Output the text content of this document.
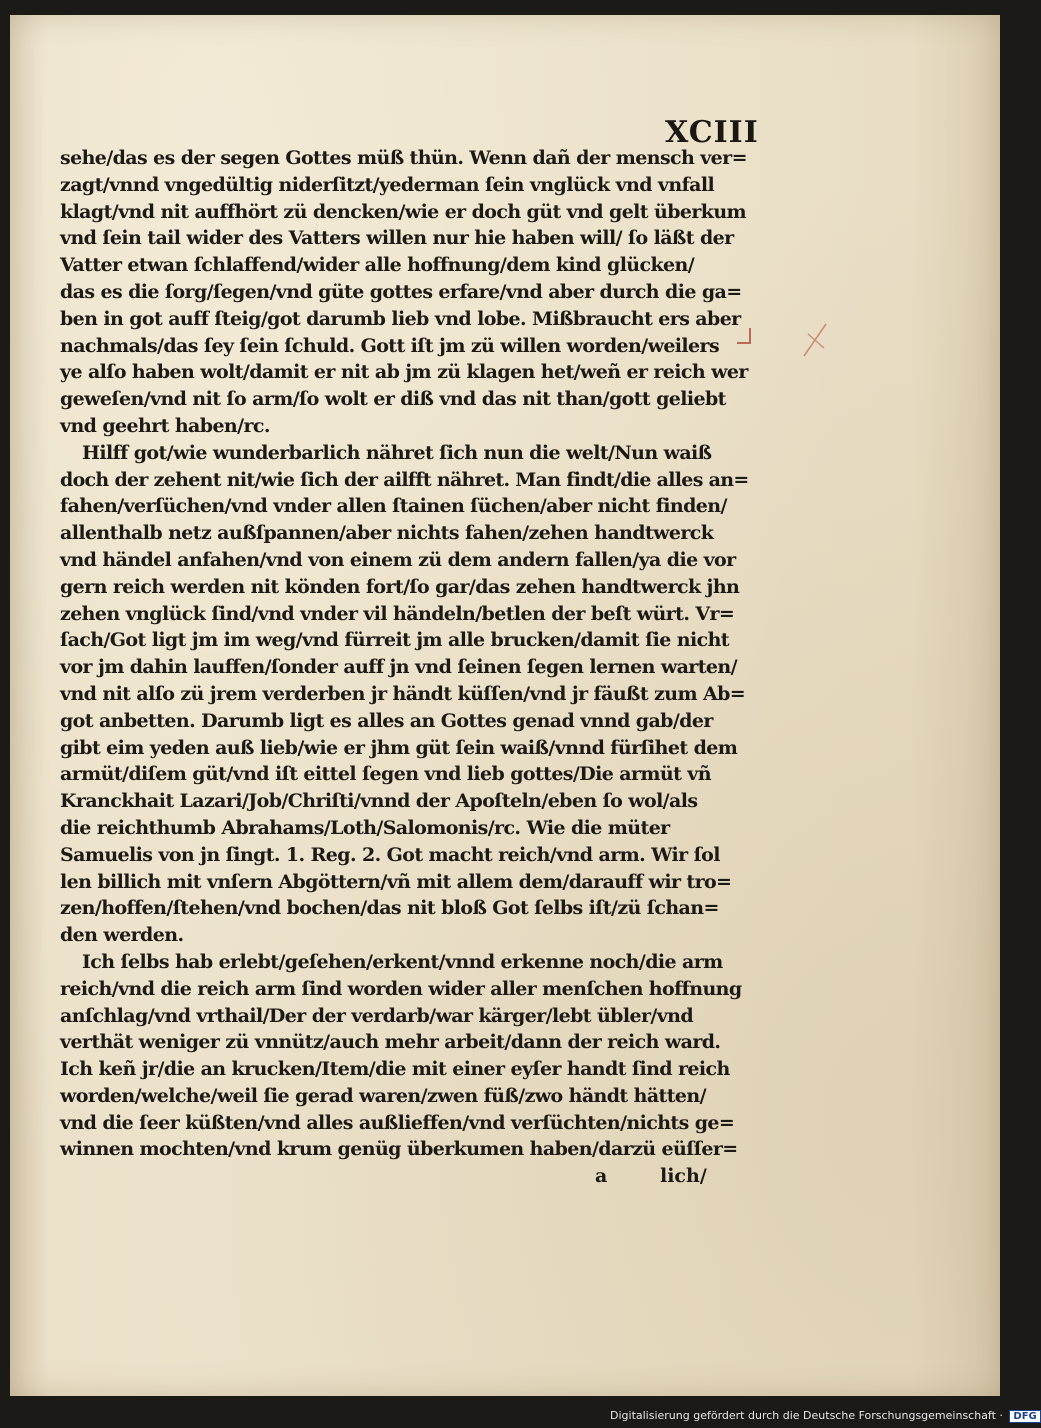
XCIII
sehe/das es der segen Gottes müß thün. Wenn dañ der mensch ver=
zagt/vnnd vngedültig niderſitzt/yederman ſein vnglück vnd vnfall
klagt/vnd nit auffhört zü dencken/wie er doch güt vnd gelt überkum
vnd ſein tail wider des Vatters willen nur hie haben will/ ſo läßt der
Vatter etwan ſchlaffend/wider alle hoffnung/dem kind glücken/
das es die ſorg/ſegen/vnd güte gottes erfare/vnd aber durch die ga=
ben in got auff ſteig/got darumb lieb vnd lobe. Mißbraucht ers aber
nachmals/das ſey ſein ſchuld. Gott iſt jm zü willen worden/weilers
ye alſo haben wolt/damit er nit ab jm zü klagen het/weñ er reich wer
geweſen/vnd nit ſo arm/ſo wolt er diß vnd das nit than/gott geliebt
vnd geehrt haben/rc.
Hilff got/wie wunderbarlich nähret ſich nun die welt/Nun waiß
doch der zehent nit/wie ſich der ailfft nähret. Man findt/die alles an=
fahen/verſüchen/vnd vnder allen ſtainen ſüchen/aber nicht finden/
allenthalb netz außſpannen/aber nichts fahen/zehen handtwerck
vnd händel anfahen/vnd von einem zü dem andern fallen/ya die vor
gern reich werden nit könden fort/ſo gar/das zehen handtwerck jhn
zehen vnglück ſind/vnd vnder vil händeln/betlen der beſt würt. Vr=
ſach/Got ligt jm im weg/vnd fürreit jm alle brucken/damit ſie nicht
vor jm dahin lauffen/ſonder auff jn vnd ſeinen ſegen lernen warten/
vnd nit alſo zü jrem verderben jr händt küſſen/vnd jr fäußt zum Ab=
got anbetten. Darumb ligt es alles an Gottes genad vnnd gab/der
gibt eim yeden auß lieb/wie er jhm güt ſein waiß/vnnd fürſihet dem
armüt/diſem güt/vnd iſt eittel ſegen vnd lieb gottes/Die armüt vñ
Kranckhait Lazari/Job/Chriſti/vnnd der Apoſteln/eben ſo wol/als
die reichthumb Abrahams/Loth/Salomonis/rc. Wie die müter
Samuelis von jn ſingt. 1. Reg. 2. Got macht reich/vnd arm. Wir ſol
len billich mit vnſern Abgöttern/vñ mit allem dem/darauff wir tro=
zen/hoffen/ſtehen/vnd bochen/das nit bloß Got ſelbs iſt/zü ſchan=
den werden.
Ich ſelbs hab erlebt/geſehen/erkent/vnnd erkenne noch/die arm
reich/vnd die reich arm ſind worden wider aller menſchen hoffnung
anſchlag/vnd vrthail/Der der verdarb/war kärger/lebt übler/vnd
verthät weniger zü vnnütz/auch mehr arbeit/dann der reich ward.
Ich keñ jr/die an krucken/Item/die mit einer eyſer handt ſind reich
worden/welche/weil ſie gerad waren/zwen füß/zwo händt hätten/
vnd die ſeer küßten/vnd alles außlieffen/vnd verſüchten/nichts ge=
winnen mochten/vnd krum genüg überkumen haben/darzü eüſſer=
a	lich/
Digitalisierung gefördert durch die Deutsche Forschungsgemeinschaft · DFG
